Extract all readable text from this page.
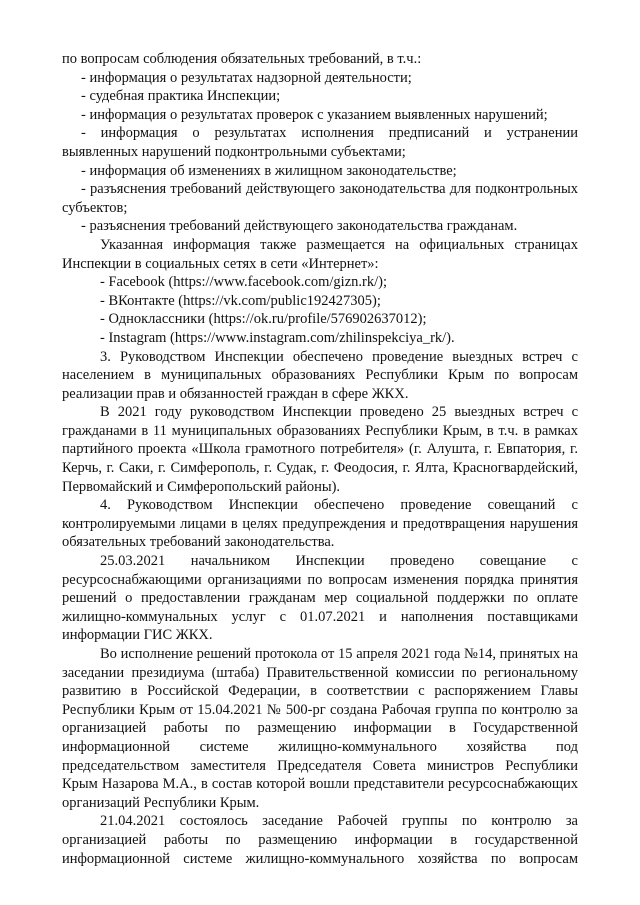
по вопросам соблюдения обязательных требований, в т.ч.:

- информация о результатах надзорной деятельности;

- судебная практика Инспекции;

- информация о результатах проверок с указанием выявленных нарушений;

- информация о результатах исполнения предписаний и устранении выявленных нарушений подконтрольными субъектами;

- информация об изменениях в жилищном законодательстве;

- разъяснения требований действующего законодательства для подконтрольных субъектов;

- разъяснения требований действующего законодательства гражданам.

Указанная информация также размещается на официальных страницах Инспекции в социальных сетях в сети «Интернет»:

- Facebook (https://www.facebook.com/gizn.rk/);

- ВКонтакте (https://vk.com/public192427305);

- Одноклассники (https://ok.ru/profile/576902637012);

- Instagram (https://www.instagram.com/zhilinspekciya_rk/).

3. Руководством Инспекции обеспечено проведение выездных встреч с населением в муниципальных образованиях Республики Крым по вопросам реализации прав и обязанностей граждан в сфере ЖКХ.

В 2021 году руководством Инспекции проведено 25 выездных встреч с гражданами в 11 муниципальных образованиях Республики Крым, в т.ч. в рамках партийного проекта «Школа грамотного потребителя» (г. Алушта, г. Евпатория, г. Керчь, г. Саки, г. Симферополь, г. Судак, г. Феодосия, г. Ялта, Красногвардейский, Первомайский и Симферопольский районы).

4. Руководством Инспекции обеспечено проведение совещаний с контролируемыми лицами в целях предупреждения и предотвращения нарушения обязательных требований законодательства.

25.03.2021 начальником Инспекции проведено совещание с ресурсоснабжающими организациями по вопросам изменения порядка принятия решений о предоставлении гражданам мер социальной поддержки по оплате жилищно-коммунальных услуг с 01.07.2021 и наполнения поставщиками информации ГИС ЖКХ.

Во исполнение решений протокола от 15 апреля 2021 года №14, принятых на заседании президиума (штаба) Правительственной комиссии по региональному развитию в Российской Федерации, в соответствии с распоряжением Главы Республики Крым от 15.04.2021 № 500-рг создана Рабочая группа по контролю за организацией работы по размещению информации в Государственной информационной системе жилищно-коммунального хозяйства под председательством заместителя Председателя Совета министров Республики Крым Назарова М.А., в состав которой вошли представители ресурсоснабжающих организаций Республики Крым.

21.04.2021 состоялось заседание Рабочей группы по контролю за организацией работы по размещению информации в государственной информационной системе жилищно-коммунального хозяйства по вопросам
